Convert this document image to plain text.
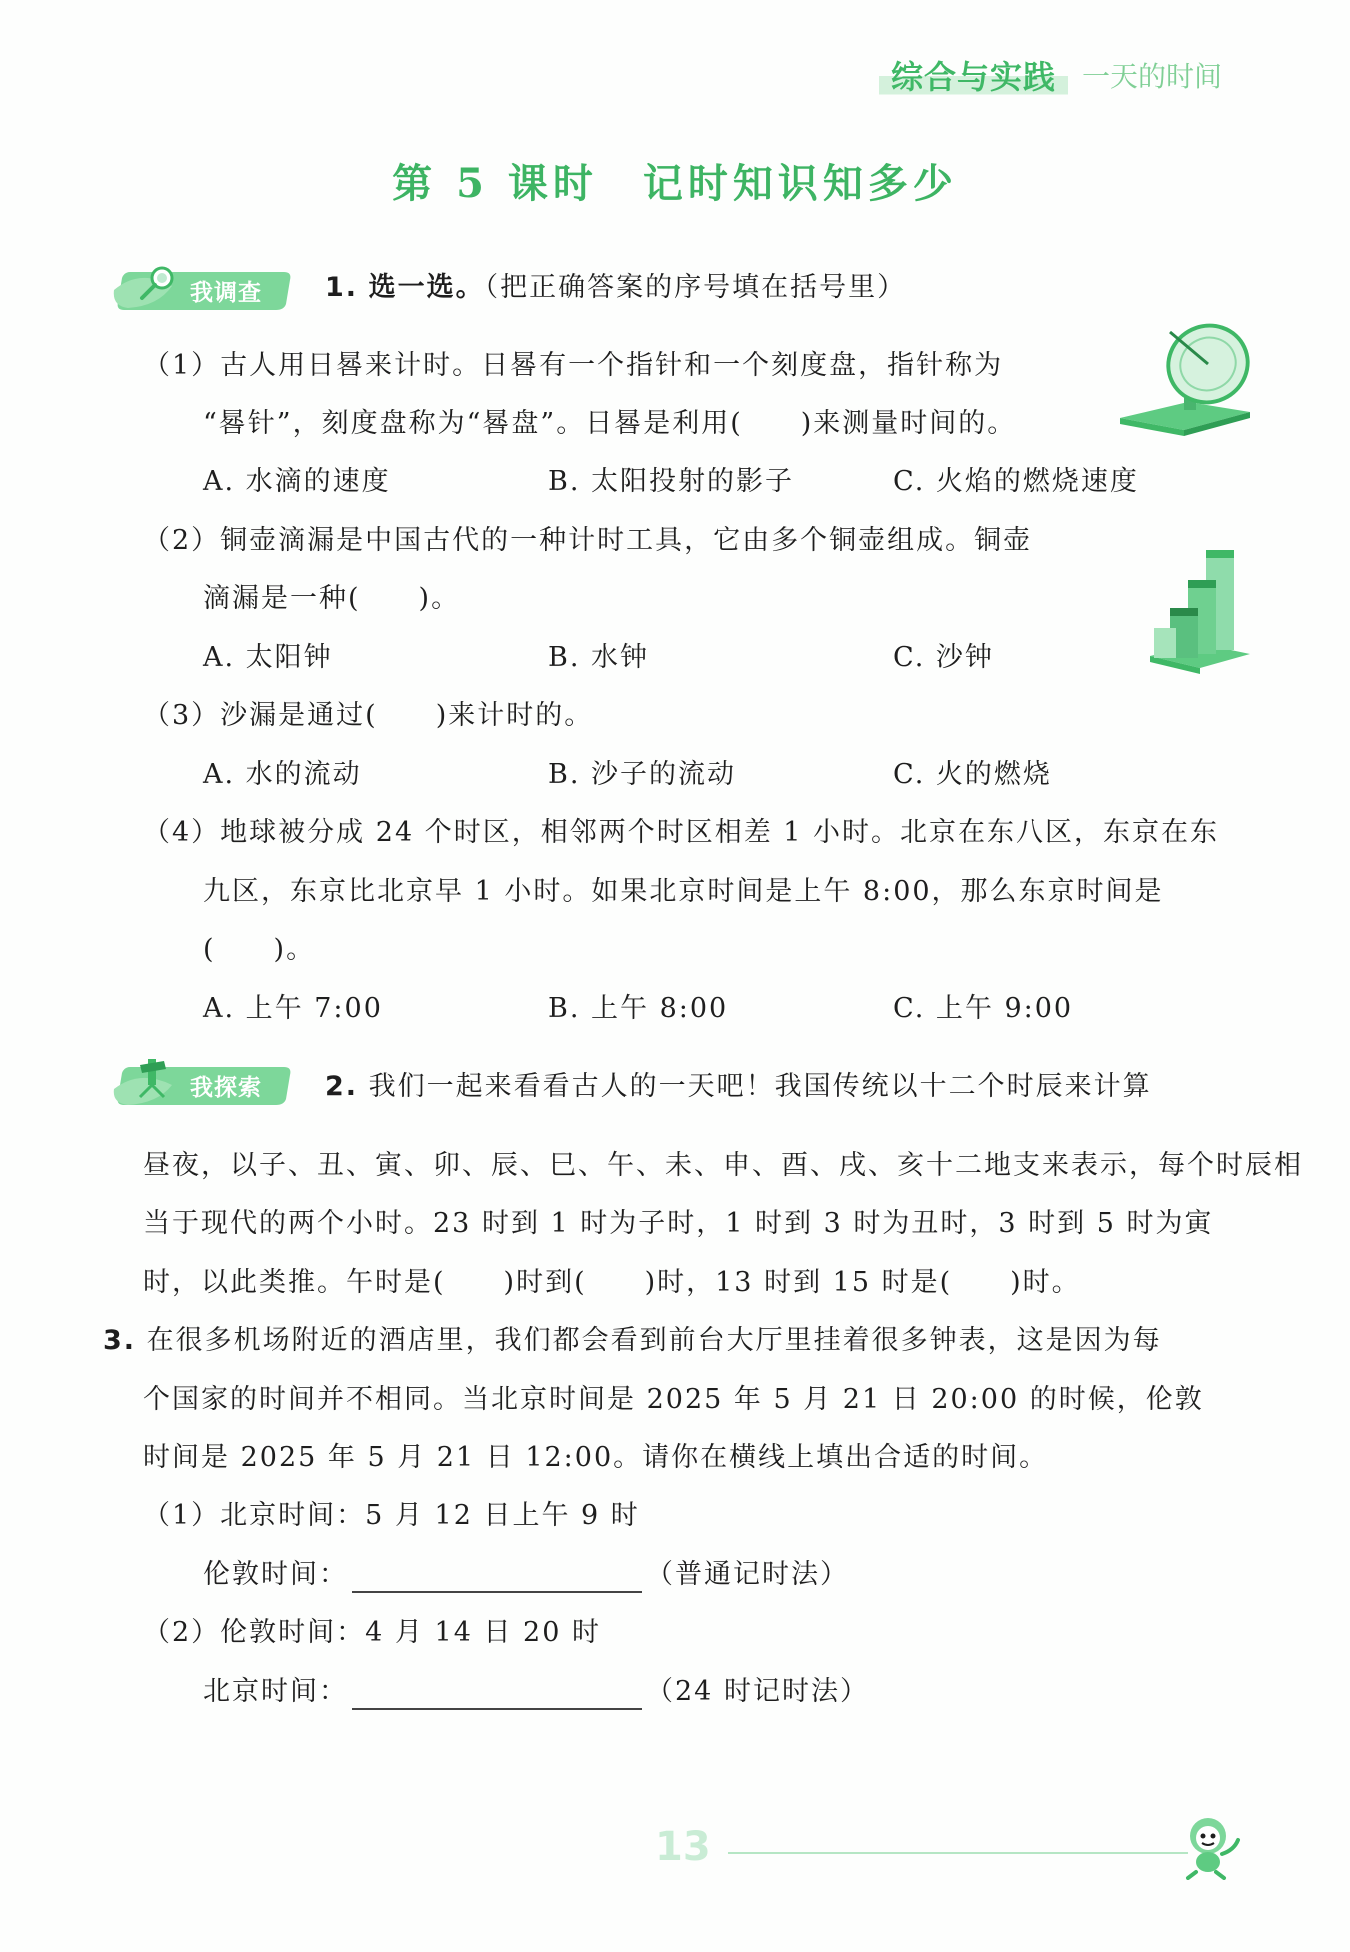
综合与实践 一天的时间
第 5 课时　记时知识知多少
我调查 1. 选一选。（把正确答案的序号填在括号里）
（1）古人用日晷来计时。日晷有一个指针和一个刻度盘，指针称为
“晷针”，刻度盘称为“晷盘”。日晷是利用(　　)来测量时间的。
A. 水滴的速度	B. 太阳投射的影子	C. 火焰的燃烧速度
（2）铜壶滴漏是中国古代的一种计时工具，它由多个铜壶组成。铜壶
滴漏是一种(　　)。
A. 太阳钟	B. 水钟	C. 沙钟
（3）沙漏是通过(　　)来计时的。
A. 水的流动	B. 沙子的流动	C. 火的燃烧
（4）地球被分成 24 个时区，相邻两个时区相差 1 小时。北京在东八区，东京在东
九区，东京比北京早 1 小时。如果北京时间是上午 8:00，那么东京时间是
(　　)。
A. 上午 7:00	B. 上午 8:00	C. 上午 9:00
我探索 2. 我们一起来看看古人的一天吧！我国传统以十二个时辰来计算
昼夜，以子、丑、寅、卯、辰、巳、午、未、申、酉、戌、亥十二地支来表示，每个时辰相
当于现代的两个小时。23 时到 1 时为子时，1 时到 3 时为丑时，3 时到 5 时为寅
时，以此类推。午时是(　　)时到(　　)时，13 时到 15 时是(　　)时。
3. 在很多机场附近的酒店里，我们都会看到前台大厅里挂着很多钟表，这是因为每
个国家的时间并不相同。当北京时间是 2025 年 5 月 21 日 20:00 的时候，伦敦
时间是 2025 年 5 月 21 日 12:00。请你在横线上填出合适的时间。
（1）北京时间：5 月 12 日上午 9 时
伦敦时间：	（普通记时法）
（2）伦敦时间：4 月 14 日 20 时
北京时间：	（24 时记时法）
13
